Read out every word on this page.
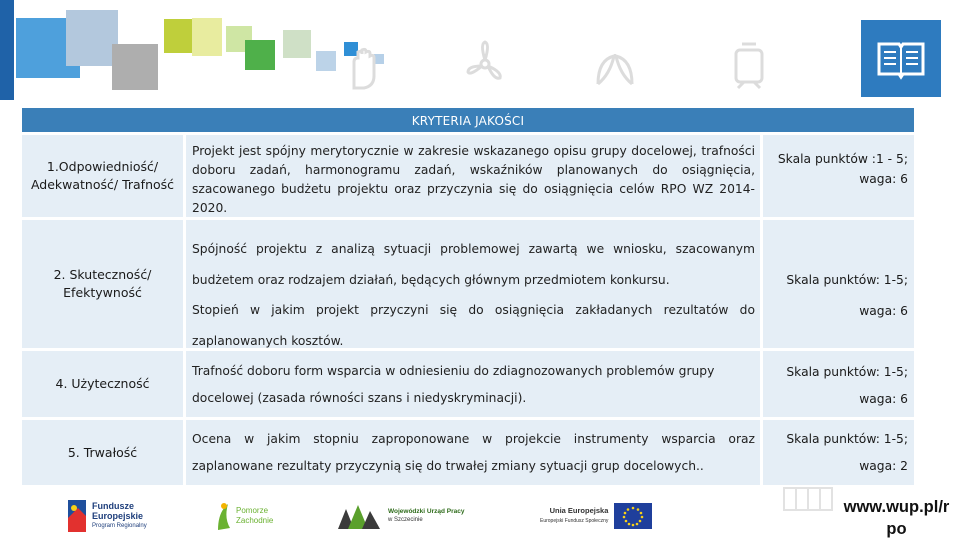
KRYTERIA JAKOŚCI
1.Odpowiedniość/ Adekwatność/ Trafność

Projekt jest spójny merytorycznie w zakresie wskazanego opisu grupy docelowej, trafności doboru zadań, harmonogramu zadań, wskaźników planowanych do osiągnięcia, szacowanego budżetu projektu oraz przyczynia się do osiągnięcia celów RPO WZ 2014-2020.

Skala punktów :1 - 5;
waga: 6
2. Skuteczność/ Efektywność

Spójność projektu z analizą sytuacji problemowej zawartą we wniosku, szacowanym

budżetem oraz rodzajem działań, będących głównym przedmiotem konkursu.

Stopień w jakim projekt przyczyni się do osiągnięcia zakładanych rezultatów do

zaplanowanych kosztów.

Skala punktów: 1-5;
waga: 6
4. Użyteczność

Trafność doboru form wsparcia w odniesieniu do zdiagnozowanych problemów grupy

docelowej (zasada równości szans i niedyskryminacji).

Skala punktów: 1-5;
waga: 6
5. Trwałość

Ocena w jakim stopniu zaproponowane w projekcie instrumenty wsparcia oraz

zaplanowane rezultaty przyczynią się do trwałej zmiany sytuacji grup docelowych..

Skala punktów: 1-5;
waga: 2
Fundusze
Europejskie
Program Regionalny
Pomorze
Zachodnie
Wojewódzki Urząd Pracy
w Szczecinie
Unia Europejska
Europejski Fundusz Społeczny
www.wup.pl/r po
